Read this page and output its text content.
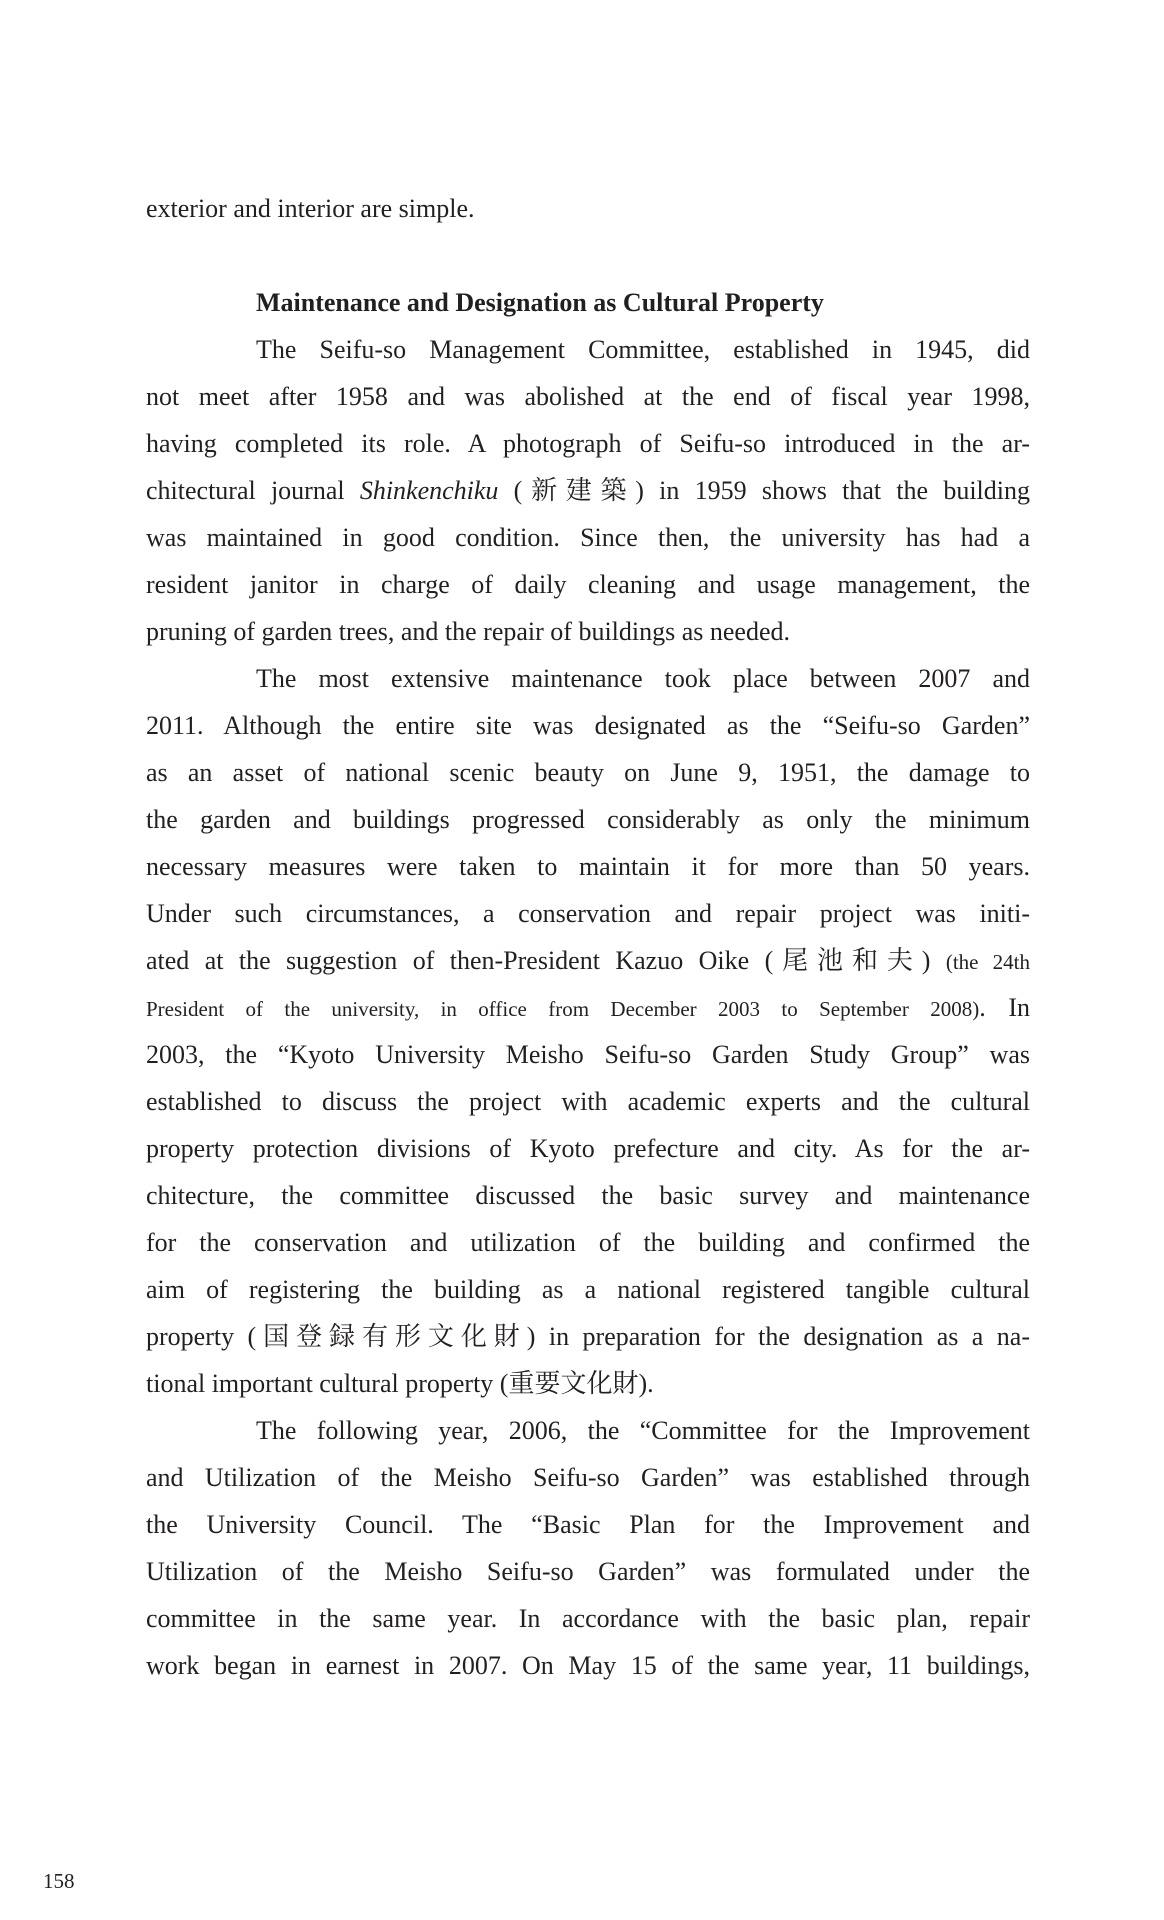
exterior and interior are simple.
Maintenance and Designation as Cultural Property
The Seifu-so Management Committee, established in 1945, did
not meet after 1958 and was abolished at the end of fiscal year 1998,
having completed its role. A photograph of Seifu-so introduced in the ar-
chitectural journal Shinkenchiku (新建築) in 1959 shows that the building
was maintained in good condition. Since then, the university has had a
resident janitor in charge of daily cleaning and usage management, the
pruning of garden trees, and the repair of buildings as needed.
The most extensive maintenance took place between 2007 and
2011. Although the entire site was designated as the “Seifu-so Garden”
as an asset of national scenic beauty on June 9, 1951, the damage to
the garden and buildings progressed considerably as only the minimum
necessary measures were taken to maintain it for more than 50 years.
Under such circumstances, a conservation and repair project was initi-
ated at the suggestion of then-President Kazuo Oike (尾池和夫) (the 24th
President of the university, in office from December 2003 to September 2008). In
2003, the “Kyoto University Meisho Seifu-so Garden Study Group” was
established to discuss the project with academic experts and the cultural
property protection divisions of Kyoto prefecture and city. As for the ar-
chitecture, the committee discussed the basic survey and maintenance
for the conservation and utilization of the building and confirmed the
aim of registering the building as a national registered tangible cultural
property (国登録有形文化財) in preparation for the designation as a na-
tional important cultural property (重要文化財).
The following year, 2006, the “Committee for the Improvement
and Utilization of the Meisho Seifu-so Garden” was established through
the University Council. The “Basic Plan for the Improvement and
Utilization of the Meisho Seifu-so Garden” was formulated under the
committee in the same year. In accordance with the basic plan, repair
work began in earnest in 2007. On May 15 of the same year, 11 buildings,
158
